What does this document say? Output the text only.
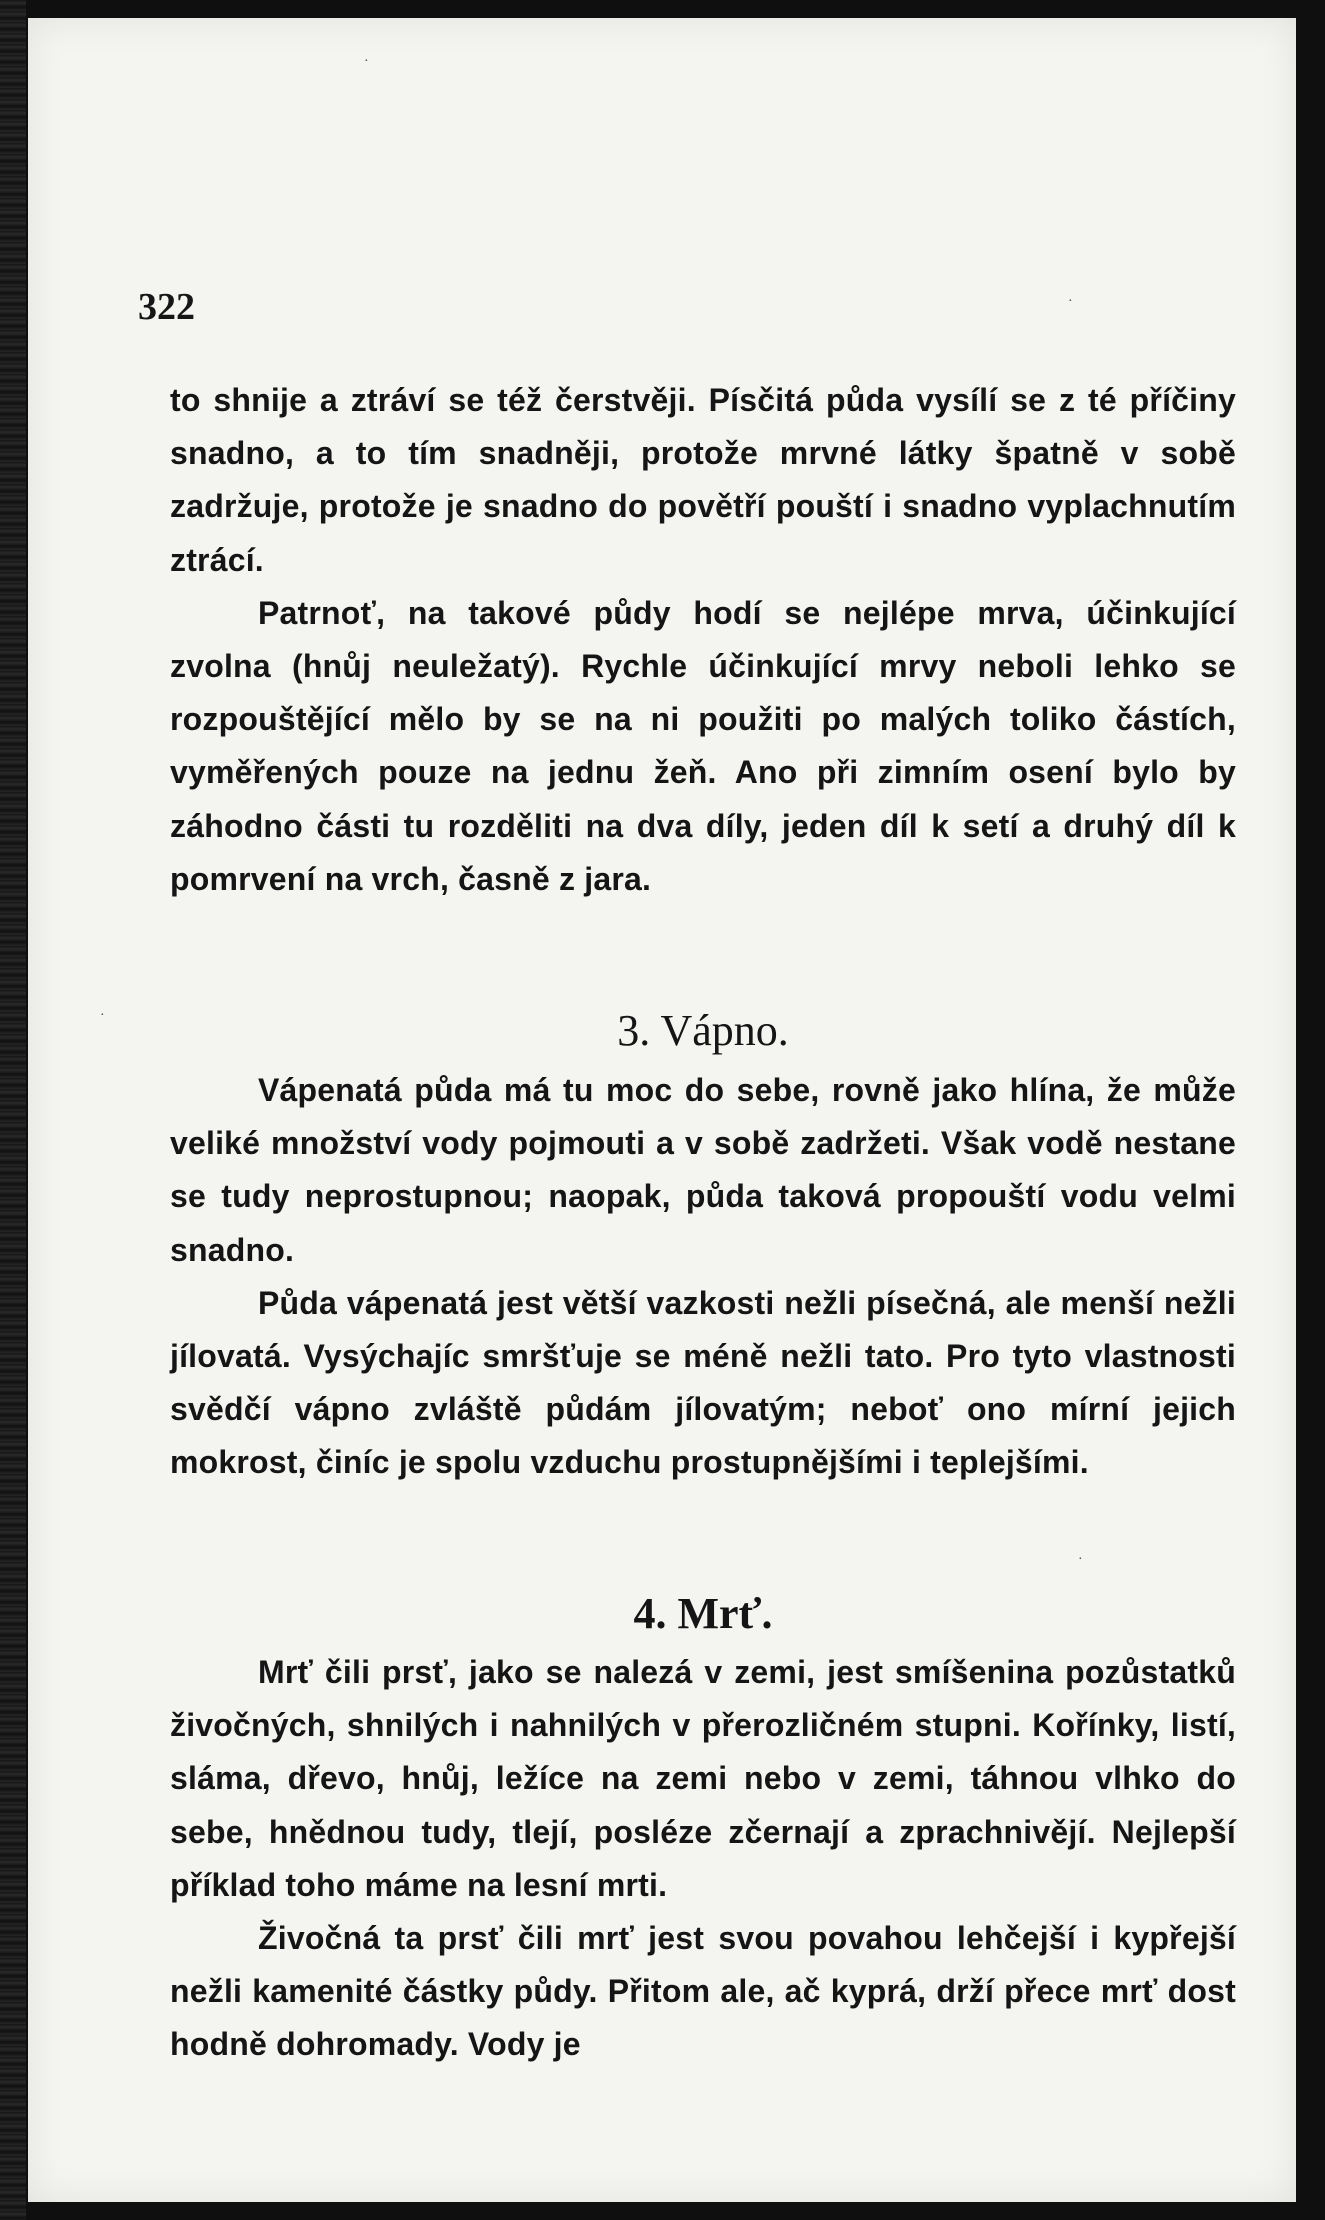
·
·
·
·
322

to shnije a ztráví se též čerstvěji. Písčitá půda vysílí se z té příčiny snadno, a to tím snadněji, protože mrvné látky špatně v sobě zadržuje, protože je snadno do povětří pouští i snadno vyplachnutím ztrácí.

Patrnoť, na takové půdy hodí se nejlépe mrva, účinkující zvolna (hnůj neuležatý). Rychle účinkující mrvy neboli lehko se rozpouštějící mělo by se na ni použiti po malých toliko částích, vyměřených pouze na jednu žeň. Ano při zimním osení bylo by záhodno části tu rozděliti na dva díly, jeden díl k setí a druhý díl k pomrvení na vrch, časně z jara.

3. Vápno.

Vápenatá půda má tu moc do sebe, rovně jako hlína, že může veliké množství vody pojmouti a v sobě zadržeti. Však vodě nestane se tudy neprostupnou; naopak, půda taková propouští vodu velmi snadno.

Půda vápenatá jest větší vazkosti nežli písečná, ale menší nežli jílovatá. Vysýchajíc smršťuje se méně nežli tato. Pro tyto vlastnosti svědčí vápno zvláště půdám jílovatým; neboť ono mírní jejich mokrost, činíc je spolu vzduchu prostupnějšími i teplejšími.

4. Mrť.

Mrť čili prsť, jako se nalezá v zemi, jest smíšenina pozůstatků živočných, shnilých i nahnilých v přerozličném stupni. Kořínky, listí, sláma, dřevo, hnůj, ležíce na zemi nebo v zemi, táhnou vlhko do sebe, hnědnou tudy, tlejí, posléze zčernají a zprachnivějí. Nejlepší příklad toho máme na lesní mrti.

Živočná ta prsť čili mrť jest svou povahou lehčejší i kypřejší nežli kamenité částky půdy. Přitom ale, ač kyprá, drží přece mrť dost hodně dohromady. Vody je
